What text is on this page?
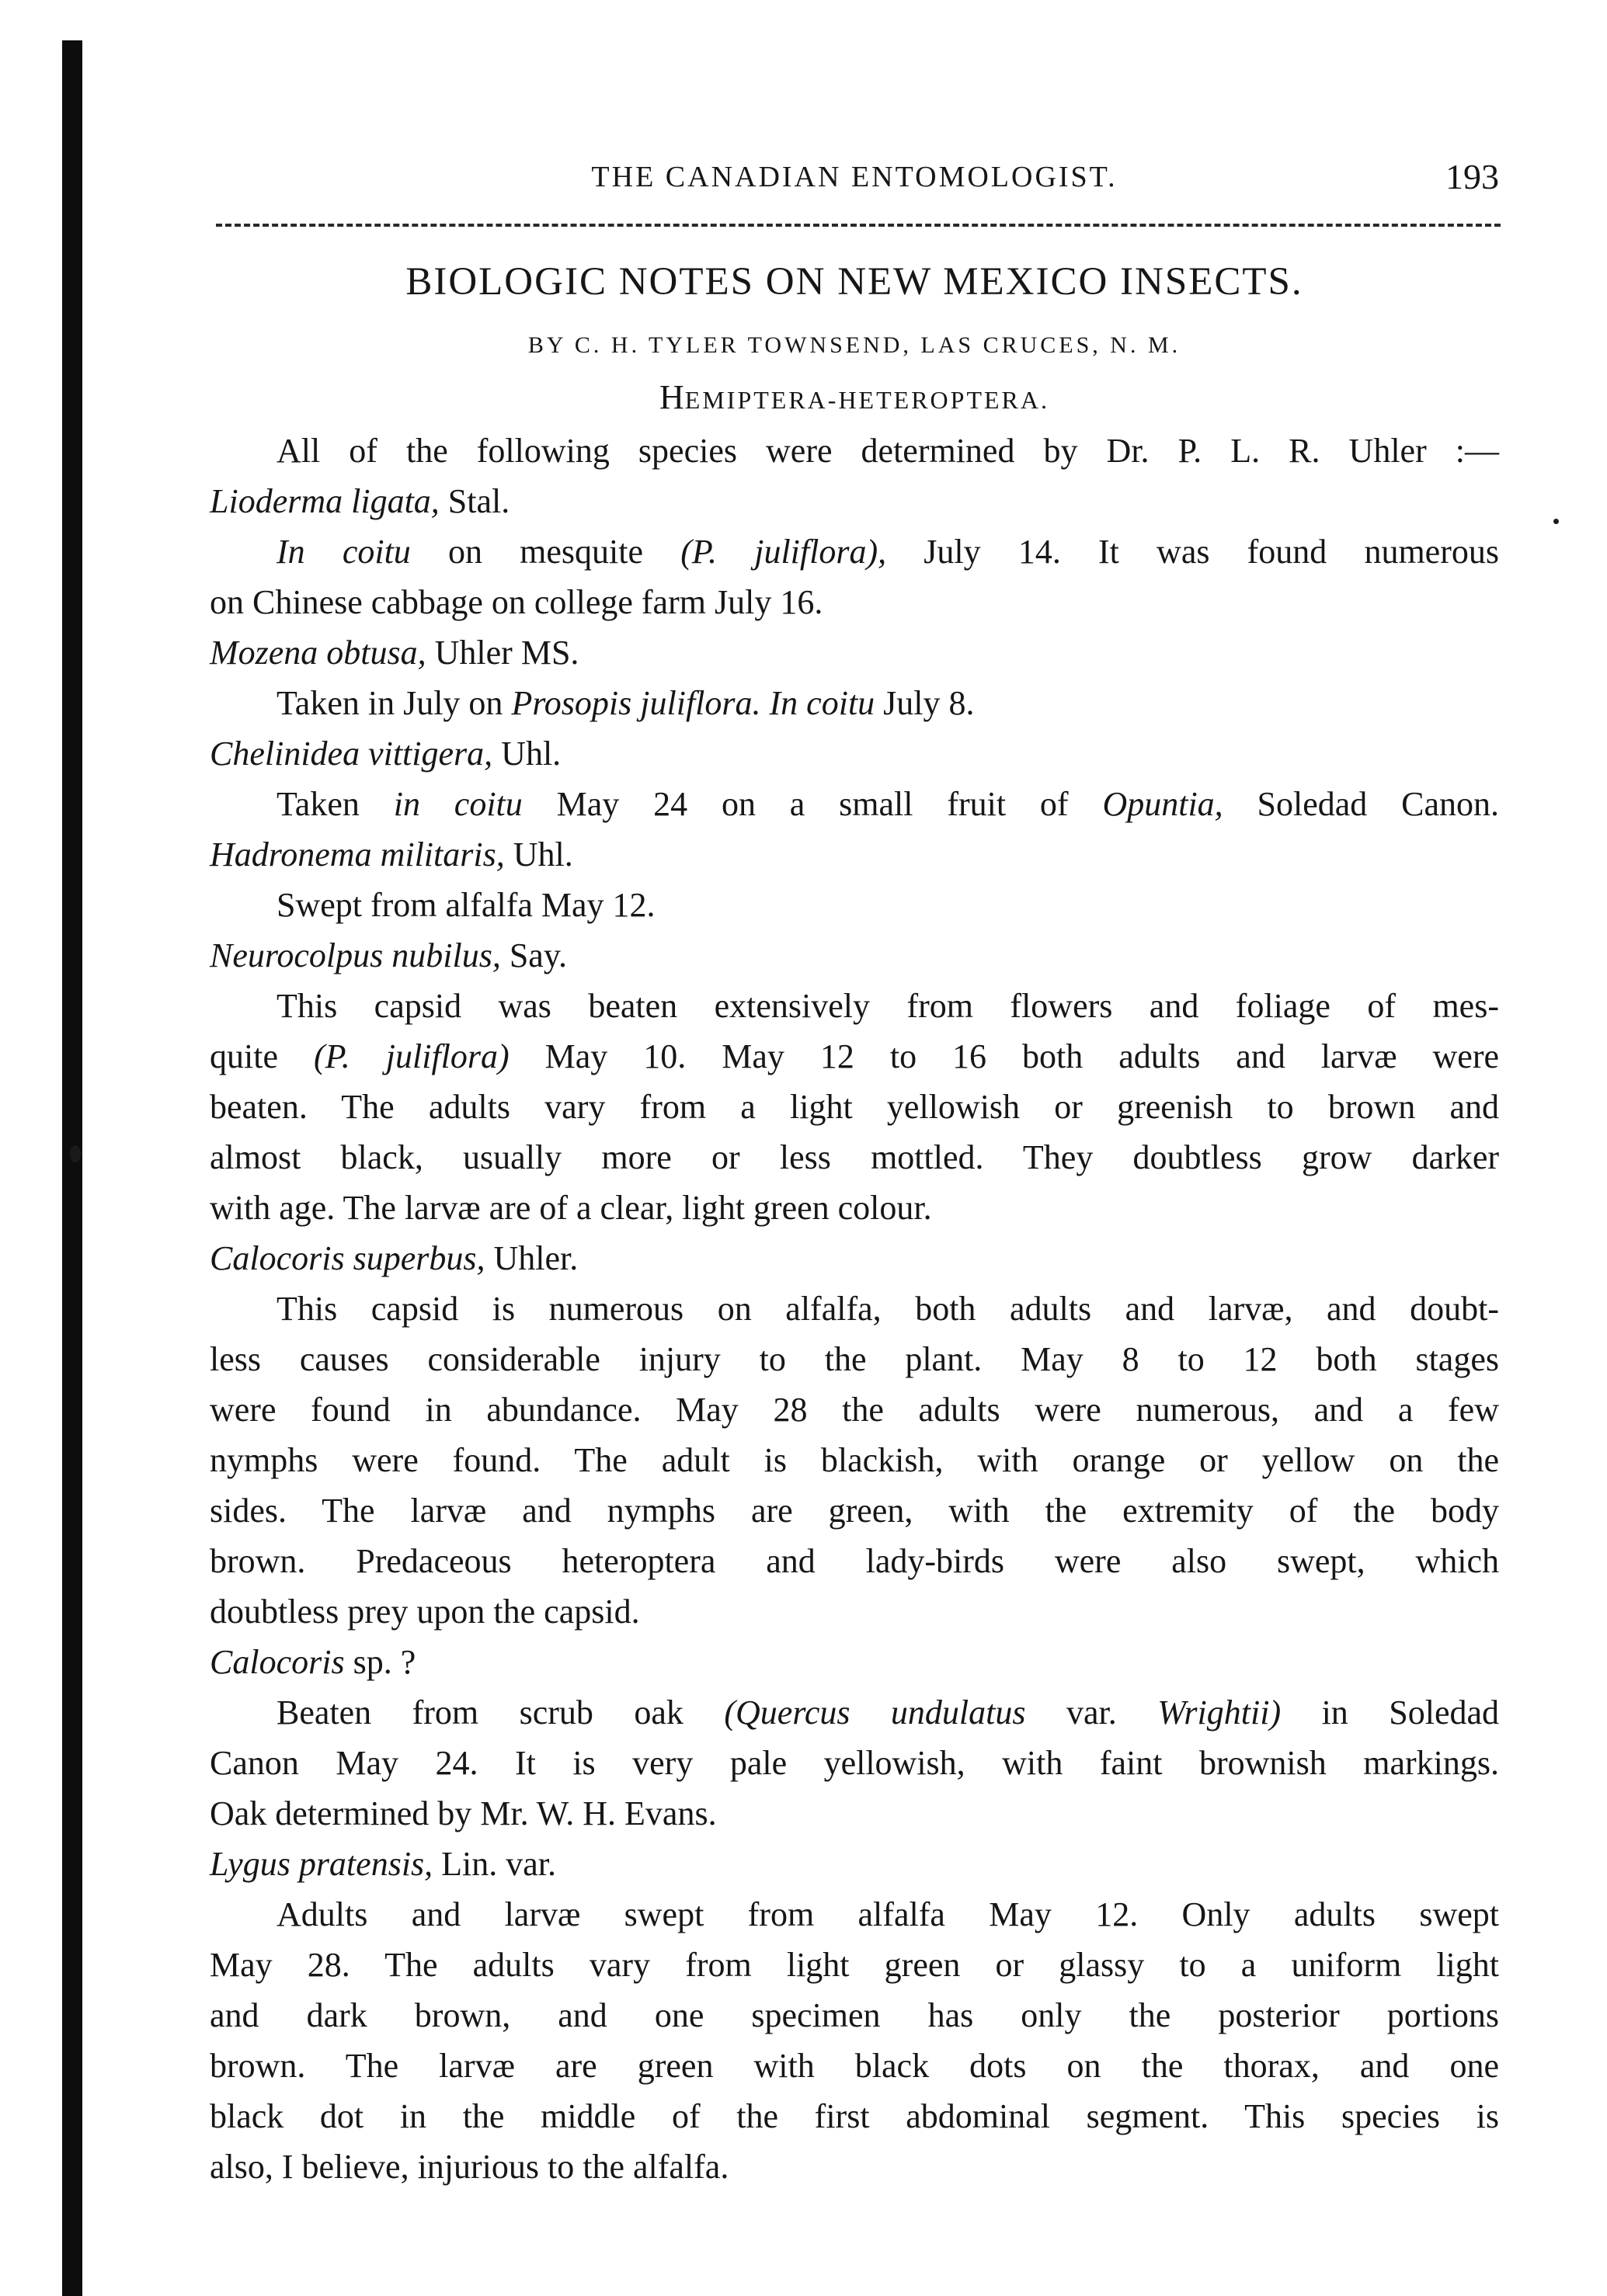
THE CANADIAN ENTOMOLOGIST.	193
BIOLOGIC NOTES ON NEW MEXICO INSECTS.
BY C. H. TYLER TOWNSEND, LAS CRUCES, N. M.
HEMIPTERA-HETEROPTERA.
All of the following species were determined by Dr. P. L. R. Uhler :—
Lioderma ligata, Stal.
In coitu on mesquite (P. juliflora), July 14. It was found numerous
on Chinese cabbage on college farm July 16.
Mozena obtusa, Uhler MS.
Taken in July on Prosopis juliflora. In coitu July 8.
Chelinidea vittigera, Uhl.
Taken in coitu May 24 on a small fruit of Opuntia, Soledad Canon.
Hadronema militaris, Uhl.
Swept from alfalfa May 12.
Neurocolpus nubilus, Say.
This capsid was beaten extensively from flowers and foliage of mes-
quite (P. juliflora) May 10. May 12 to 16 both adults and larvæ were
beaten. The adults vary from a light yellowish or greenish to brown and
almost black, usually more or less mottled. They doubtless grow darker
with age. The larvæ are of a clear, light green colour.
Calocoris superbus, Uhler.
This capsid is numerous on alfalfa, both adults and larvæ, and doubt-
less causes considerable injury to the plant. May 8 to 12 both stages
were found in abundance. May 28 the adults were numerous, and a few
nymphs were found. The adult is blackish, with orange or yellow on the
sides. The larvæ and nymphs are green, with the extremity of the body
brown. Predaceous heteroptera and lady-birds were also swept, which
doubtless prey upon the capsid.
Calocoris sp. ?
Beaten from scrub oak (Quercus undulatus var. Wrightii) in Soledad
Canon May 24. It is very pale yellowish, with faint brownish markings.
Oak determined by Mr. W. H. Evans.
Lygus pratensis, Lin. var.
Adults and larvæ swept from alfalfa May 12. Only adults swept
May 28. The adults vary from light green or glassy to a uniform light
and dark brown, and one specimen has only the posterior portions
brown. The larvæ are green with black dots on the thorax, and one
black dot in the middle of the first abdominal segment. This species is
also, I believe, injurious to the alfalfa.
